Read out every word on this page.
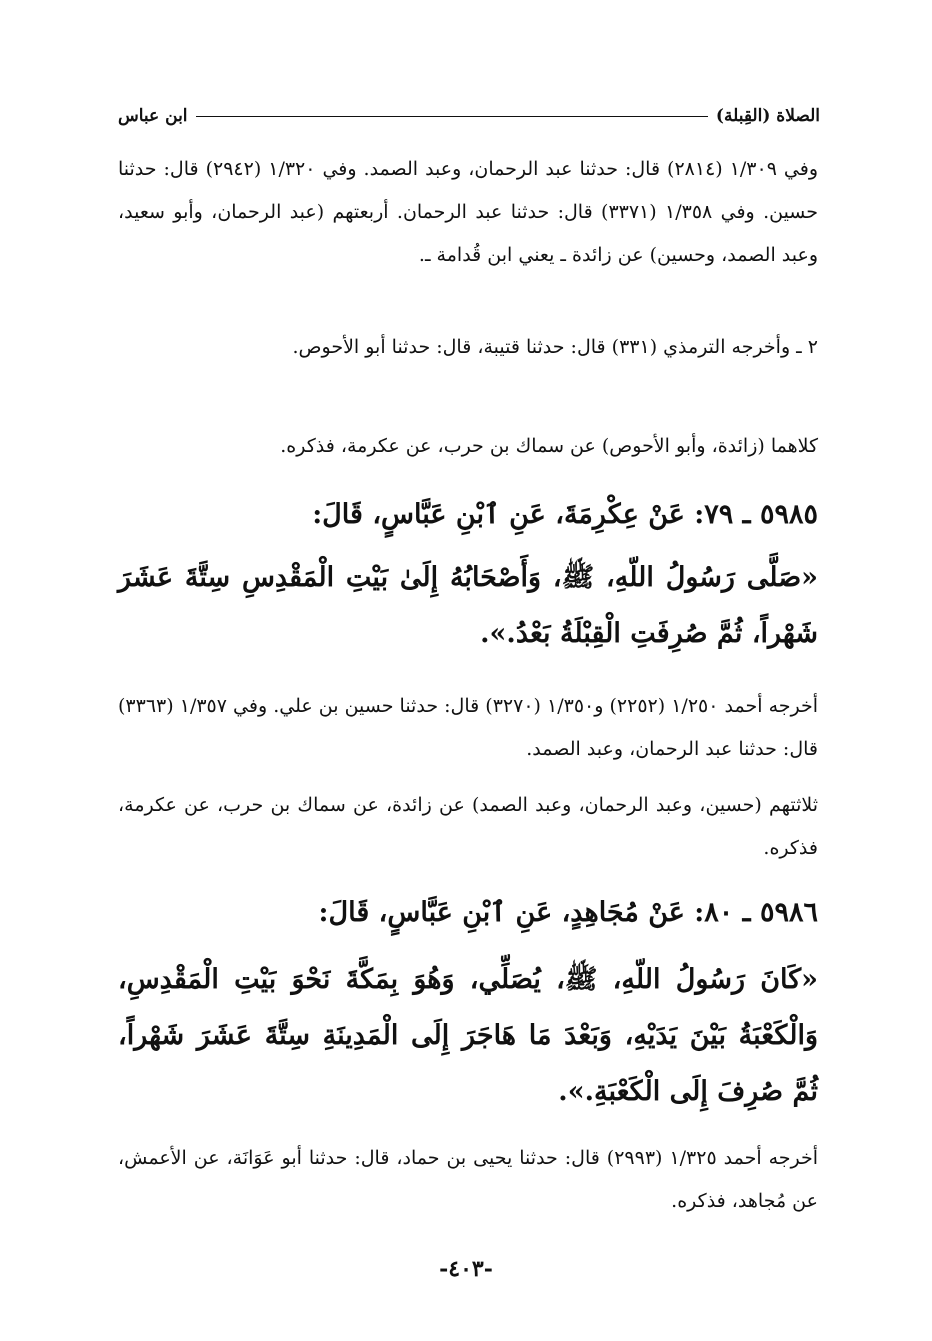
الصلاة (القِبلة)
ابن عباس
وفي ١/٣٠٩ (٢٨١٤) قال: حدثنا عبد الرحمان، وعبد الصمد. وفي ١/٣٢٠ (٢٩٤٢) قال: حدثنا حسين. وفي ١/٣٥٨ (٣٣٧١) قال: حدثنا عبد الرحمان. أربعتهم (عبد الرحمان، وأبو سعيد، وعبد الصمد، وحسين) عن زائدة ـ يعني ابن قُدامة ـ.
٢ ـ وأخرجه الترمذي (٣٣١) قال: حدثنا قتيبة، قال: حدثنا أبو الأحوص.
كلاهما (زائدة، وأبو الأحوص) عن سماك بن حرب، عن عكرمة، فذكره.
٥٩٨٥ ـ ٧٩: عَنْ عِكْرِمَةَ، عَنِ ٱبْنِ عَبَّاسٍ، قَالَ:
«صَلَّى رَسُولُ اللّهِ، ﷺ، وَأَصْحَابُهُ إِلَىٰ بَيْتِ الْمَقْدِسِ سِتَّةَ عَشَرَ شَهْراً، ثُمَّ صُرِفَتِ الْقِبْلَةُ بَعْدُ.».
أخرجه أحمد ١/٢٥٠ (٢٢٥٢) و١/٣٥٠ (٣٢٧٠) قال: حدثنا حسين بن علي. وفي ١/٣٥٧ (٣٣٦٣) قال: حدثنا عبد الرحمان، وعبد الصمد.
ثلاثتهم (حسين، وعبد الرحمان، وعبد الصمد) عن زائدة، عن سماك بن حرب، عن عكرمة، فذكره.
٥٩٨٦ ـ ٨٠: عَنْ مُجَاهِدٍ، عَنِ ٱبْنِ عَبَّاسٍ، قَالَ:
«كَانَ رَسُولُ اللّهِ، ﷺ، يُصَلِّي، وَهُوَ بِمَكَّةَ نَحْوَ بَيْتِ الْمَقْدِسِ، وَالْكَعْبَةُ بَيْنَ يَدَيْهِ، وَبَعْدَ مَا هَاجَرَ إِلَى الْمَدِينَةِ سِتَّةَ عَشَرَ شَهْراً، ثُمَّ صُرِفَ إِلَى الْكَعْبَةِ.».
أخرجه أحمد ١/٣٢٥ (٢٩٩٣) قال: حدثنا يحيى بن حماد، قال: حدثنا أبو عَوَانَة، عن الأعمش، عن مُجاهد، فذكره.
-٤٠٣-
